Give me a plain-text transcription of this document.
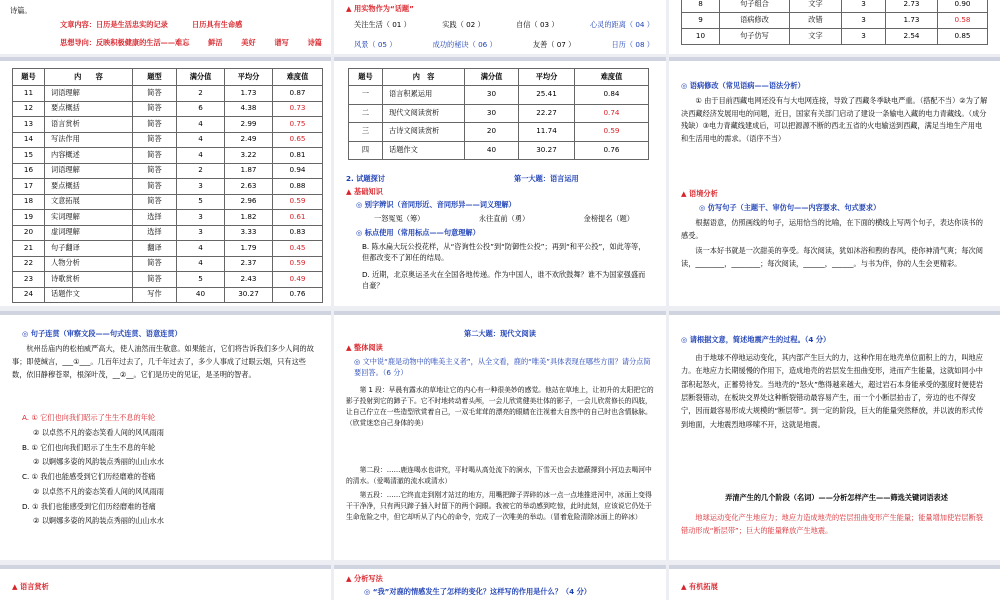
诗篇。
文章内容：日历是生活忠实的记录	日历具有生命感
思想导向：反映积极健康的生活——难忘	鲜活	美好	谱写	诗篇
▲ 用实物作为“话题”
关注生活（ 01 ）	实践（ 02 ）	自信（ 03 ）	心灵的距离（ 04 ）
风景（ 05 ）	成功的秘诀（ 06 ）	友善（ 07 ）	日历（ 08 ）
8	句子组合	文字	3	2.73	0.90
9	语病修改	改错	3	1.73	0.58
10	句子仿写	文字	3	2.54	0.85
题号	内　　容	题型	满分值	平均分	难度值
11	词语理解	简答	2	1.73	0.87
12	要点概括	简答	6	4.38	0.73
13	语言赏析	简答	4	2.99	0.75
14	写法作用	简答	4	2.49	0.65
15	内容概述	简答	4	3.22	0.81
16	词语理解	简答	2	1.87	0.94
17	要点概括	简答	3	2.63	0.88
18	文意拓展	简答	5	2.96	0.59
19	实词理解	选择	3	1.82	0.61
20	虚词理解	选择	3	3.33	0.83
21	句子翻译	翻译	4	1.79	0.45
22	人物分析	简答	4	2.37	0.59
23	诗歌赏析	简答	5	2.43	0.49
24	话题作文	写作	40	30.27	0.76
题号	内　容	满分值	平均分	难度值
一	语言积累运用	30	25.41	0.84
二	现代文阅读赏析	30	22.27	0.74
三	古诗文阅读赏析	20	11.74	0.59
四	话题作文	40	30.27	0.76
2. 试题探讨	第一大题：语言运用
▲ 基础知识
◎ 别字辨识（音同形近、音同形异——词义理解）
一怒冤冤（筹）	永往直前（勇）	金榜提名（题）
◎ 标点使用（常用标点——句意理解）
B. 陈水扁大玩公投花样，从“咨询性公投”到“防御性公投”；再到“和平公投”，如此等等，但都改变不了卸任的结局。
D. 近期，北京奥运圣火在全国各地传递。作为中国人，谁不欢欣鼓舞？谁不为国家强盛而自豪？
◎ 语病修改（常见语病——语法分析）
① 由于目前西藏电网还没有与大电网连接，导致了西藏冬季缺电严重。（搭配不当）②为了解决西藏经济发展用电的问题，近日，国家有关部门启动了建设一条输电入藏的电力青藏线。（成分残缺）③电力青藏线建成后，可以把源源不断的西北五省的火电输送到西藏，满足当地生产用电和生活用电的需求。（语序不当）
▲ 语境分析
◎ 仿写句子（主题干、审仿句——内容要求、句式要求）
根据语意，仿照画线的句子，运用恰当的比喻，在下面的横线上写两个句子，表达你读书的感受。
读一本好书就是一次甜美的享受。每次阅读，犹如沐浴和煦的春风，使你神清气爽；每次阅读，________，________；每次阅读，______，______。与书为伴，你的人生会更精彩。
◎ 句子连贯（审察文段——句式连贯、语意连贯）
杭州岳庙内的松柏威严高大，使人油然而生敬意。如果能言，它们将告诉我们多少人间的故事；即使缄言，___①___。几百年过去了，几千年过去了，多少人事成了过眼云烟，只有这些数，依旧静穆苍翠，根深叶茂，__②__。它们是历史的见证，是圣明的智者。
A. ① 它们也向我们昭示了生生不息的年轮
② 以卓然不凡的姿态笑看人间的风风雨雨
B. ① 它们也向我们昭示了生生不息的年轮
② 以婀娜多姿的风韵装点秀丽的山山水水
C. ① 我们也能感受到它们历经磨难的苍痛
② 以卓然不凡的姿态笑看人间的风风雨雨
D. ① 我们也能感受到它们历经磨难的苍痛
② 以婀娜多姿的风韵装点秀丽的山山水水
第二大题：现代文阅读
▲ 整体阅读
◎ 文中说“鹿是动物中的唯美主义者”，从全文看，鹿的“唯美”具体表现在哪些方面？请分点简要回答。（6 分）
第 1 段：早晨有露水的草地让它的内心有一种很美妙的感觉。他站在草地上，让初升的太阳把它的影子投射到它的蹄子下。它不时地转动着头颅，一会儿欣赏健美壮体的影子，一会儿欣赏修长的四肢，让自己佇立在一些造型欣赏着自己，一双毛茸茸的漂亮的眼睛在注视着大自然中的自己时也含情脉脉。（欣赏迷恋自己身体的美）
第二段：……鹿连喝水也讲究，平时喝从高处流下的涧水，下雪天也会去遮蔽撑到小河边去喝河中的清水。（爱喝清澈的流水或清水）
第五段：……它终直走到刚才站过的地方，用嘴把蹄子弄碎的冰一点一点地推进河中，冰面上变得干干净净，只有两只蹄子插入时留下的两个洞眼。我被它的举动感到吃惊，此时此刻，应该说它仍处于生命危险之中，但它却听从了内心的命令，完成了一次唯美的举动。（冒着危险清除冰面上的碎冰）
◎ 请根据文意，简述地震产生的过程。（4 分）
由于地球不停地运动变化，其内部产生巨大的力，这种作用在地壳单位面积上的力，叫地应力。在地应力长期缓慢的作用下，造成地壳的岩层发生扭曲变形，进而产生能量，这就如同小中部积起怒火，正蓄势待发。当地壳的“怒火”憋得越来越大，超过岩石本身能承受的强度时便使岩层断裂错动，在板块交界处这种断裂错动最容易产生，而一个小断层拍击了，旁边的也不得安宁，因而最容易形成大规模的“断层带”。到一定的阶段，巨大的能量突然释放，并以波的形式传到地面，大地震烈地哆嗦不开，这就是地震。
弄清产生的几个阶段（名词）——分析怎样产生——筛选关键词语表述
地球运动变化产生地应力；地应力造成地壳的岩层扭曲变形产生能量；能量增加使岩层断裂错动形成“断层带”；巨大的能量释放产生地震。
▲ 语言赏析
▲ 分析写法
◎ “我”对鹿的情感发生了怎样的变化？这样写的作用是什么？（4 分）
▲ 有机拓展
